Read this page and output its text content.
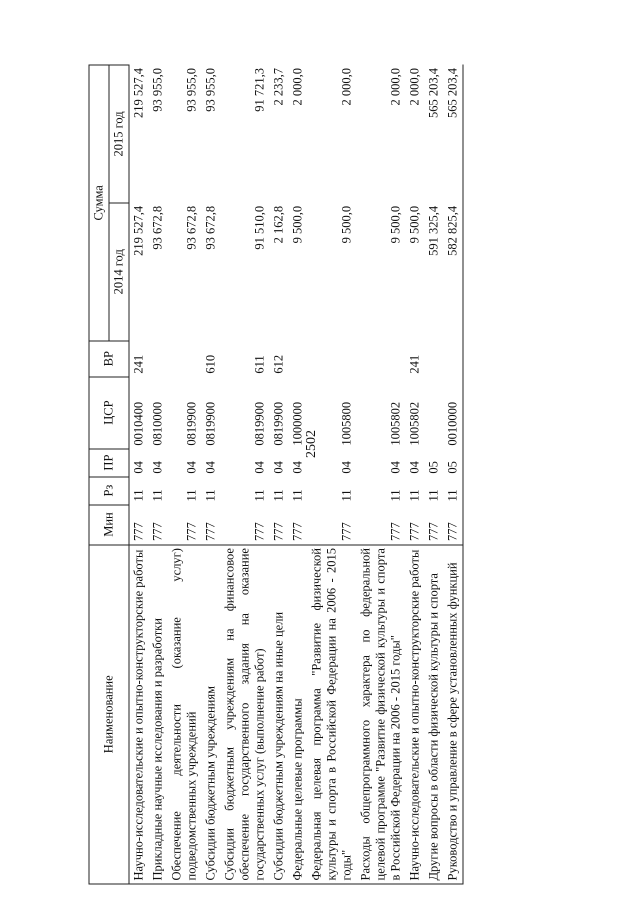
2502
Наименование	Мин	Рз	ПР	ЦСР	ВР	Сумма	
						2014 год	2015 год
Научно-исследовательские и опытно-конструкторские работы	777	11	04	0010400	241	219 527,4	219 527,4
Прикладные научные исследования и разработки	777	11	04	0810000		93 672,8	93 955,0
Обеспечение деятельности (оказание услуг) подведомственных учреждений	777	11	04	0819900		93 672,8	93 955,0
Субсидии бюджетным учреждениям	777	11	04	0819900	610	93 672,8	93 955,0
Субсидии бюджетным учреждениям на финансовое обеспечение государственного задания на оказание государственных услуг (выполнение работ)	777	11	04	0819900	611	91 510,0	91 721,3
Субсидии бюджетным учреждениям на иные цели	777	11	04	0819900	612	2 162,8	2 233,7
Федеральные целевые программы	777	11	04	1000000		9 500,0	2 000,0
Федеральная целевая программа "Развитие физической культуры и спорта в Российской Федерации на 2006 - 2015 годы"	777	11	04	1005800		9 500,0	2 000,0
Расходы общепрограммного характера по федеральной целевой программе "Развитие физической культуры и спорта в Российской Федерации на 2006 - 2015 годы"	777	11	04	1005802		9 500,0	2 000,0
Научно-исследовательские и опытно-конструкторские работы	777	11	04	1005802	241	9 500,0	2 000,0
Другие вопросы в области физической культуры и спорта	777	11	05			591 325,4	565 203,4
Руководство и управление в сфере установленных функций	777	11	05	0010000		582 825,4	565 203,4
